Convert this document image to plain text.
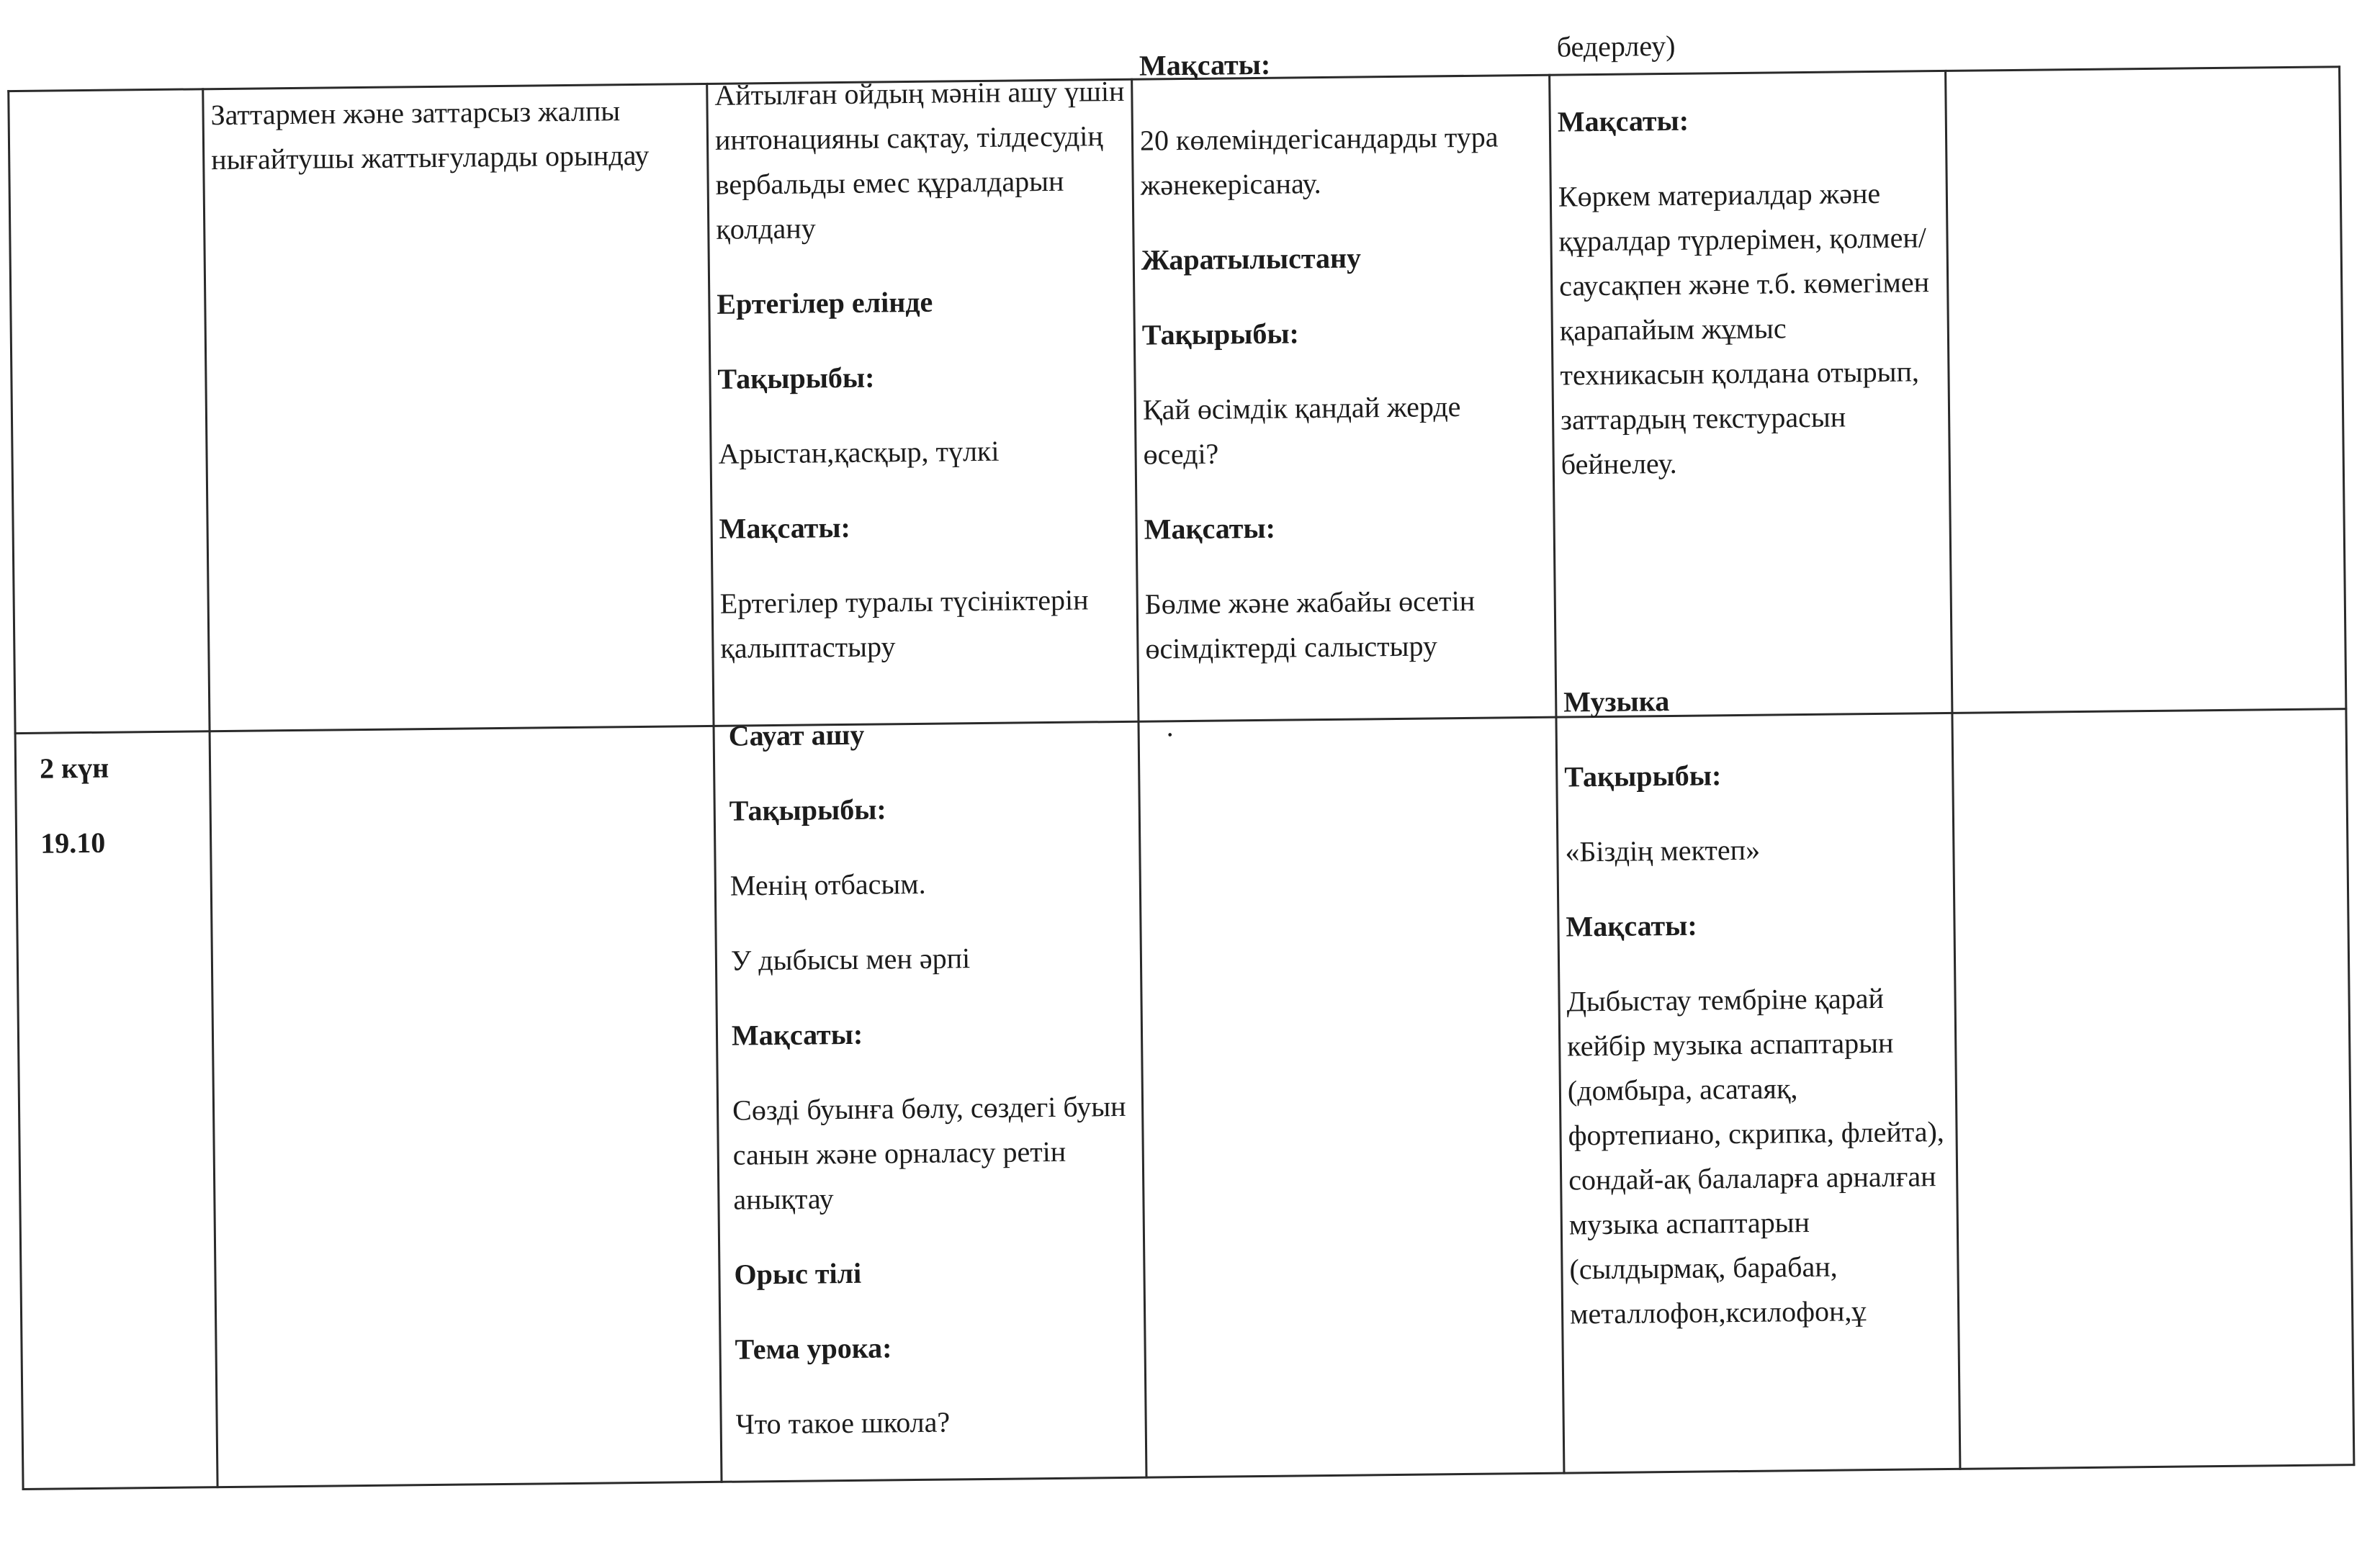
Заттармен және заттарсыз жалпы нығайтушы жаттығуларды орындау

Айтылған ойдың мәнін ашу үшін интонацияны сақтау, тілдесудің вербальды емес құралдарын қолдану

Ертегілер елінде

Тақырыбы:

Арыстан,қасқыр, түлкі

Мақсаты:

Ертегілер туралы түсініктерін қалыптастыру

Мақсаты:

20 көлеміндегісандарды тура жәнекерісанау.

Жаратылыстану

Тақырыбы:

Қай өсімдік қандай жерде өседі?

Мақсаты:

Бөлме және жабайы өсетін өсімдіктерді салыстыру

бедерлеу)

Мақсаты:

Көркем материалдар және құралдар түрлерімен, қолмен/саусақпен және т.б. көмегімен қарапайым жұмыс техникасын қолдана отырып, заттардың текстурасын бейнелеу.

2 күн

19.10

Сауат ашу

Тақырыбы:

Менің отбасым.

У дыбысы мен әрпі

Мақсаты:

Сөзді буынға бөлу, сөздегі буын санын және орналасу ретін анықтау

Орыс тілі

Тема урока:

Что такое школа?

.

Музыка

Тақырыбы:

«Біздің мектеп»

Мақсаты:

Дыбыстау тембріне қарай кейбір музыка аспаптарын (домбыра, асатаяқ, фортепиано, скрипка, флейта), сондай-ақ балаларға арналған музыка аспаптарын (сылдырмақ, барабан, металлофон,ксилофон,ұ
